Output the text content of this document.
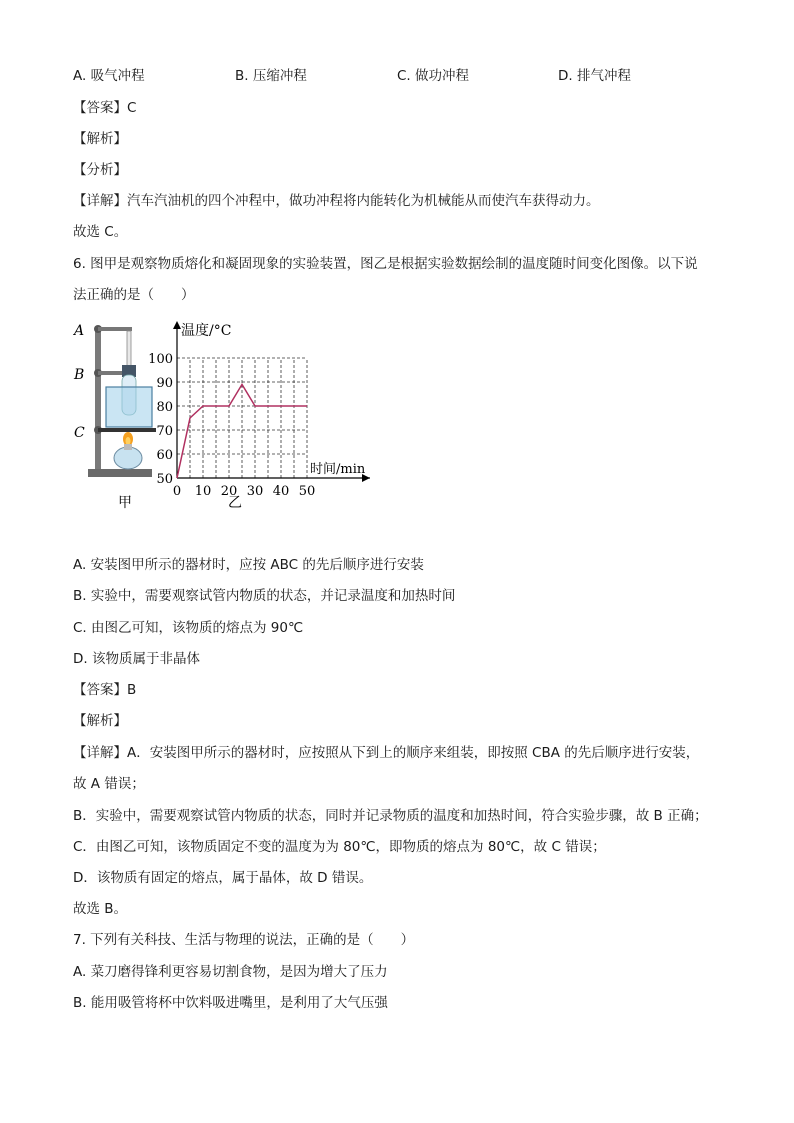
A. 吸气冲程	B. 压缩冲程	C. 做功冲程	D. 排气冲程
【答案】C
【解析】
【分析】
【详解】汽车汽油机的四个冲程中，做功冲程将内能转化为机械能从而使汽车获得动力。
故选 C。
6. 图甲是观察物质熔化和凝固现象的实验装置，图乙是根据实验数据绘制的温度随时间变化图像。以下说
法正确的是（　　）
A
B
C
甲
50
60
70
80
90
100
0 10 20 30 40 50
温度/°C
时间/min
乙
A. 安装图甲所示的器材时，应按 ABC 的先后顺序进行安装
B. 实验中，需要观察试管内物质的状态，并记录温度和加热时间
C. 由图乙可知，该物质的熔点为 90℃
D. 该物质属于非晶体
【答案】B
【解析】
【详解】A．安装图甲所示的器材时，应按照从下到上的顺序来组装，即按照 CBA 的先后顺序进行安装，
故 A 错误；
B．实验中，需要观察试管内物质的状态，同时并记录物质的温度和加热时间，符合实验步骤，故 B 正确；
C．由图乙可知，该物质固定不变的温度为为 80℃，即物质的熔点为 80℃，故 C 错误；
D．该物质有固定的熔点，属于晶体，故 D 错误。
故选 B。
7. 下列有关科技、生活与物理的说法，正确的是（　　）
A. 菜刀磨得锋利更容易切割食物，是因为增大了压力
B. 能用吸管将杯中饮料吸进嘴里，是利用了大气压强
